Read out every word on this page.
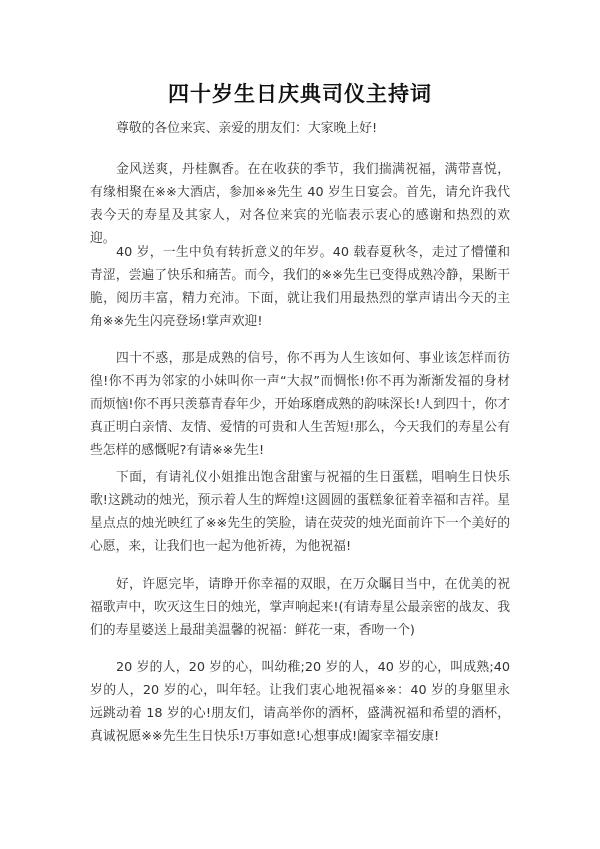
四十岁生日庆典司仪主持词
尊敬的各位来宾、亲爱的朋友们：大家晚上好!
金风送爽，丹桂飘香。在在收获的季节，我们揣满祝福，满带喜悦，有缘相聚在※※大酒店，参加※※先生 40 岁生日宴会。首先，请允许我代表今天的寿星及其家人，对各位来宾的光临表示衷心的感谢和热烈的欢迎。
40 岁，一生中负有转折意义的年岁。40 载春夏秋冬，走过了懵懂和青涩，尝遍了快乐和痛苦。而今，我们的※※先生已变得成熟冷静，果断干脆，阅历丰富，精力充沛。下面，就让我们用最热烈的掌声请出今天的主角※※先生闪亮登场!掌声欢迎!
四十不惑，那是成熟的信号，你不再为人生该如何、事业该怎样而彷徨!你不再为邻家的小妹叫你一声“大叔”而惆怅!你不再为渐渐发福的身材而烦恼!你不再只羡慕青春年少，开始琢磨成熟的韵味深长!人到四十，你才真正明白亲情、友情、爱情的可贵和人生苦短!那么，今天我们的寿星公有些怎样的感慨呢?有请※※先生!
下面，有请礼仪小姐推出饱含甜蜜与祝福的生日蛋糕，唱响生日快乐歌!这跳动的烛光，预示着人生的辉煌!这圆圆的蛋糕象征着幸福和吉祥。星星点点的烛光映红了※※先生的笑脸，请在荧荧的烛光面前许下一个美好的心愿，来，让我们也一起为他祈祷，为他祝福!
好，许愿完毕，请睁开你幸福的双眼，在万众瞩目当中，在优美的祝福歌声中，吹灭这生日的烛光，掌声响起来!(有请寿星公最亲密的战友、我们的寿星婆送上最甜美温馨的祝福：鲜花一束，香吻一个)
20 岁的人，20 岁的心，叫幼稚;20 岁的人，40 岁的心，叫成熟;40 岁的人，20 岁的心，叫年轻。让我们衷心地祝福※※：40 岁的身躯里永远跳动着 18 岁的心!朋友们，请高举你的酒杯，盛满祝福和希望的酒杯，真诚祝愿※※先生生日快乐!万事如意!心想事成!阖家幸福安康!
